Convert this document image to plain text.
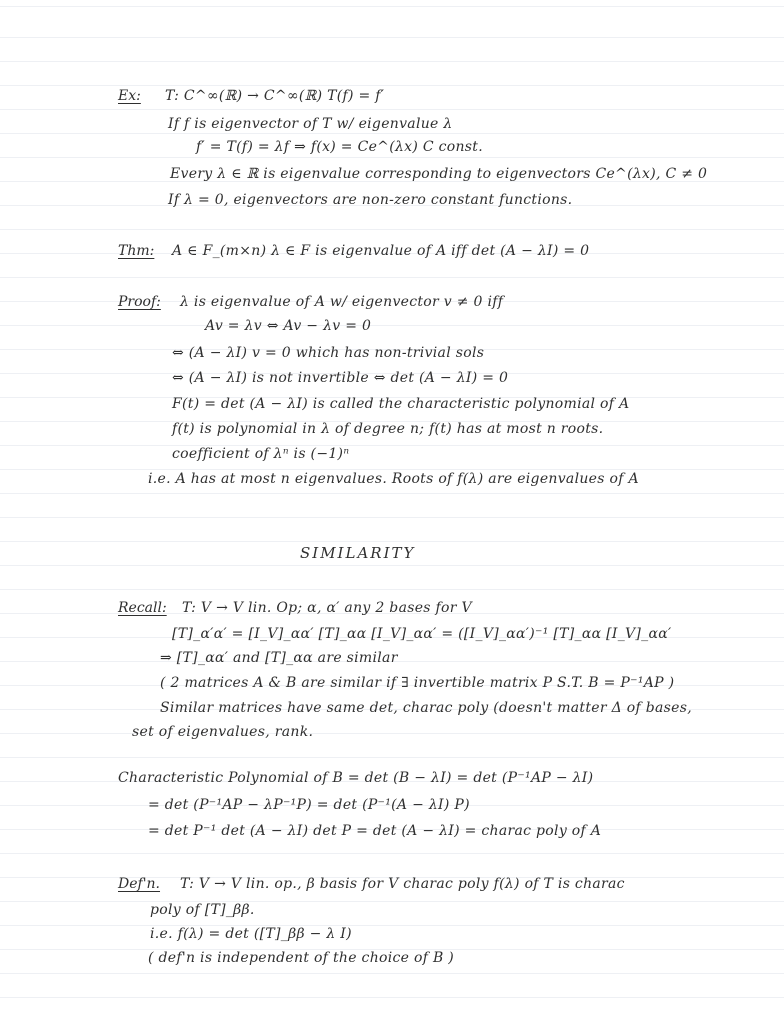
Ex: T: C^∞(ℝ) → C^∞(ℝ) T(f) = f′
If f is eigenvector of T w/ eigenvalue λ
f′ = T(f) = λf ⇒ f(x) = Ce^(λx) C const.
Every λ ∈ ℝ is eigenvalue corresponding to eigenvectors Ce^(λx), C ≠ 0
If λ = 0, eigenvectors are non-zero constant functions.
Thm: A ∈ F_(m×n) λ ∈ F is eigenvalue of A iff det (A − λI) = 0
Proof: λ is eigenvalue of A w/ eigenvector v ≠ 0 iff
Av = λv ⇔ Av − λv = 0
⇔ (A − λI) v = 0 which has non-trivial sols
⇔ (A − λI) is not invertible ⇔ det (A − λI) = 0
F(t) = det (A − λI) is called the characteristic polynomial of A
f(t) is polynomial in λ of degree n; f(t) has at most n roots.
coefficient of λⁿ is (−1)ⁿ
i.e. A has at most n eigenvalues. Roots of f(λ) are eigenvalues of A
SIMILARITY
Recall: T: V → V lin. Op; α, α′ any 2 bases for V
[T]_α′α′ = [I_V]_αα′ [T]_αα [I_V]_αα′ = ([I_V]_αα′)⁻¹ [T]_αα [I_V]_αα′
⇒ [T]_αα′ and [T]_αα are similar
( 2 matrices A & B are similar if ∃ invertible matrix P S.T. B = P⁻¹AP )
Similar matrices have same det, charac poly (doesn't matter Δ of bases,
set of eigenvalues, rank.
Characteristic Polynomial of B = det (B − λI) = det (P⁻¹AP − λI)
= det (P⁻¹AP − λP⁻¹P) = det (P⁻¹(A − λI) P)
= det P⁻¹ det (A − λI) det P = det (A − λI) = charac poly of A
Def'n. T: V → V lin. op., β basis for V charac poly f(λ) of T is charac
poly of [T]_ββ.
i.e. f(λ) = det ([T]_ββ − λ I)
( def'n is independent of the choice of B )
